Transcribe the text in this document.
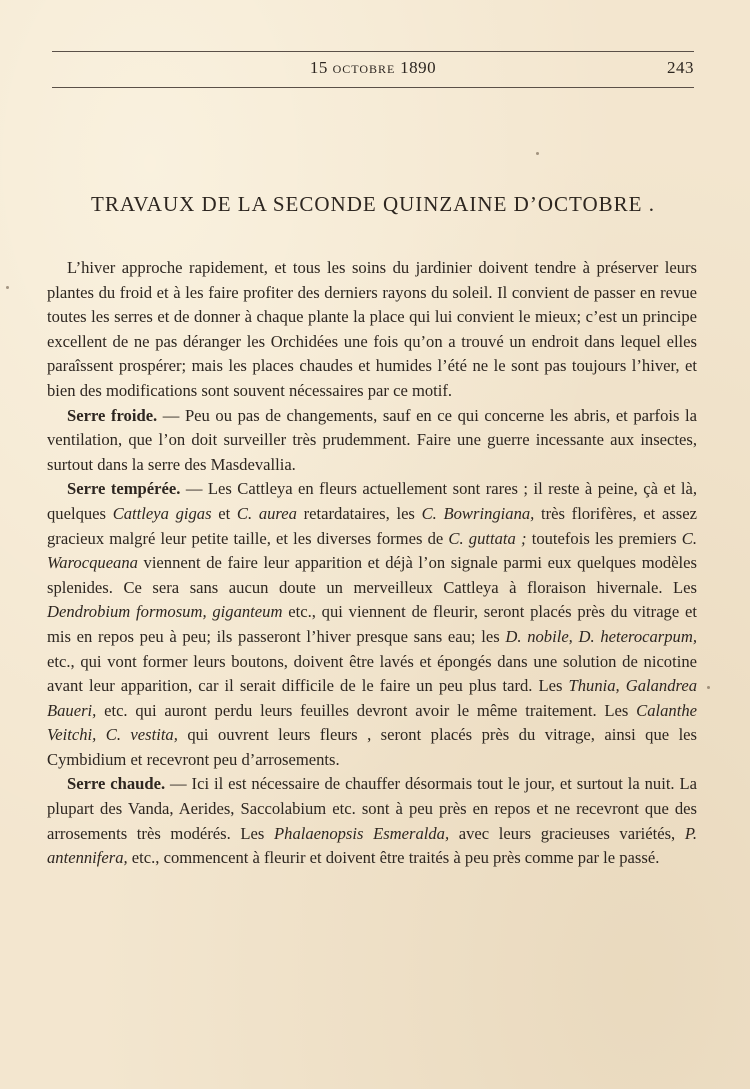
15 octobre 1890	243
TRAVAUX DE LA SECONDE QUINZAINE D’OCTOBRE .

L’hiver approche rapidement, et tous les soins du jardinier doivent tendre à préserver leurs plantes du froid et à les faire profiter des derniers rayons du soleil. Il convient de passer en revue toutes les serres et de donner à chaque plante la place qui lui convient le mieux; c’est un principe excellent de ne pas déranger les Orchidées une fois qu’on a trouvé un endroit dans lequel elles paraîssent prospérer; mais les places chaudes et humides l’été ne le sont pas toujours l’hiver, et bien des modifications sont souvent nécessaires par ce motif.

Serre froide. — Peu ou pas de changements, sauf en ce qui concerne les abris, et parfois la ventilation, que l’on doit surveiller très prudemment. Faire une guerre incessante aux insectes, surtout dans la serre des Masdevallia.

Serre tempérée. — Les Cattleya en fleurs actuellement sont rares ; il reste à peine, çà et là, quelques Cattleya gigas et C. aurea retardataires, les C. Bowringiana, très florifères, et assez gracieux malgré leur petite taille, et les diverses formes de C. guttata ; toutefois les premiers C. Warocqueana viennent de faire leur apparition et déjà l’on signale parmi eux quelques modèles splenides. Ce sera sans aucun doute un merveilleux Cattleya à floraison hivernale. Les Dendrobium formosum, giganteum etc., qui viennent de fleurir, seront placés près du vitrage et mis en repos peu à peu; ils passeront l’hiver presque sans eau; les D. nobile, D. heterocarpum, etc., qui vont former leurs boutons, doivent être lavés et épongés dans une solution de nicotine avant leur apparition, car il serait difficile de le faire un peu plus tard. Les Thunia, Galandrea Baueri, etc. qui auront perdu leurs feuilles devront avoir le même traitement. Les Calanthe Veitchi, C. vestita, qui ouvrent leurs fleurs , seront placés près du vitrage, ainsi que les Cymbidium et recevront peu d’arrosements.

Serre chaude. — Ici il est nécessaire de chauffer désormais tout le jour, et surtout la nuit. La plupart des Vanda, Aerides, Saccolabium etc. sont à peu près en repos et ne recevront que des arrosements très modérés. Les Phalaenopsis Esmeralda, avec leurs gracieuses variétés, P. antennifera, etc., commencent à fleurir et doivent être traités à peu près comme par le passé.
